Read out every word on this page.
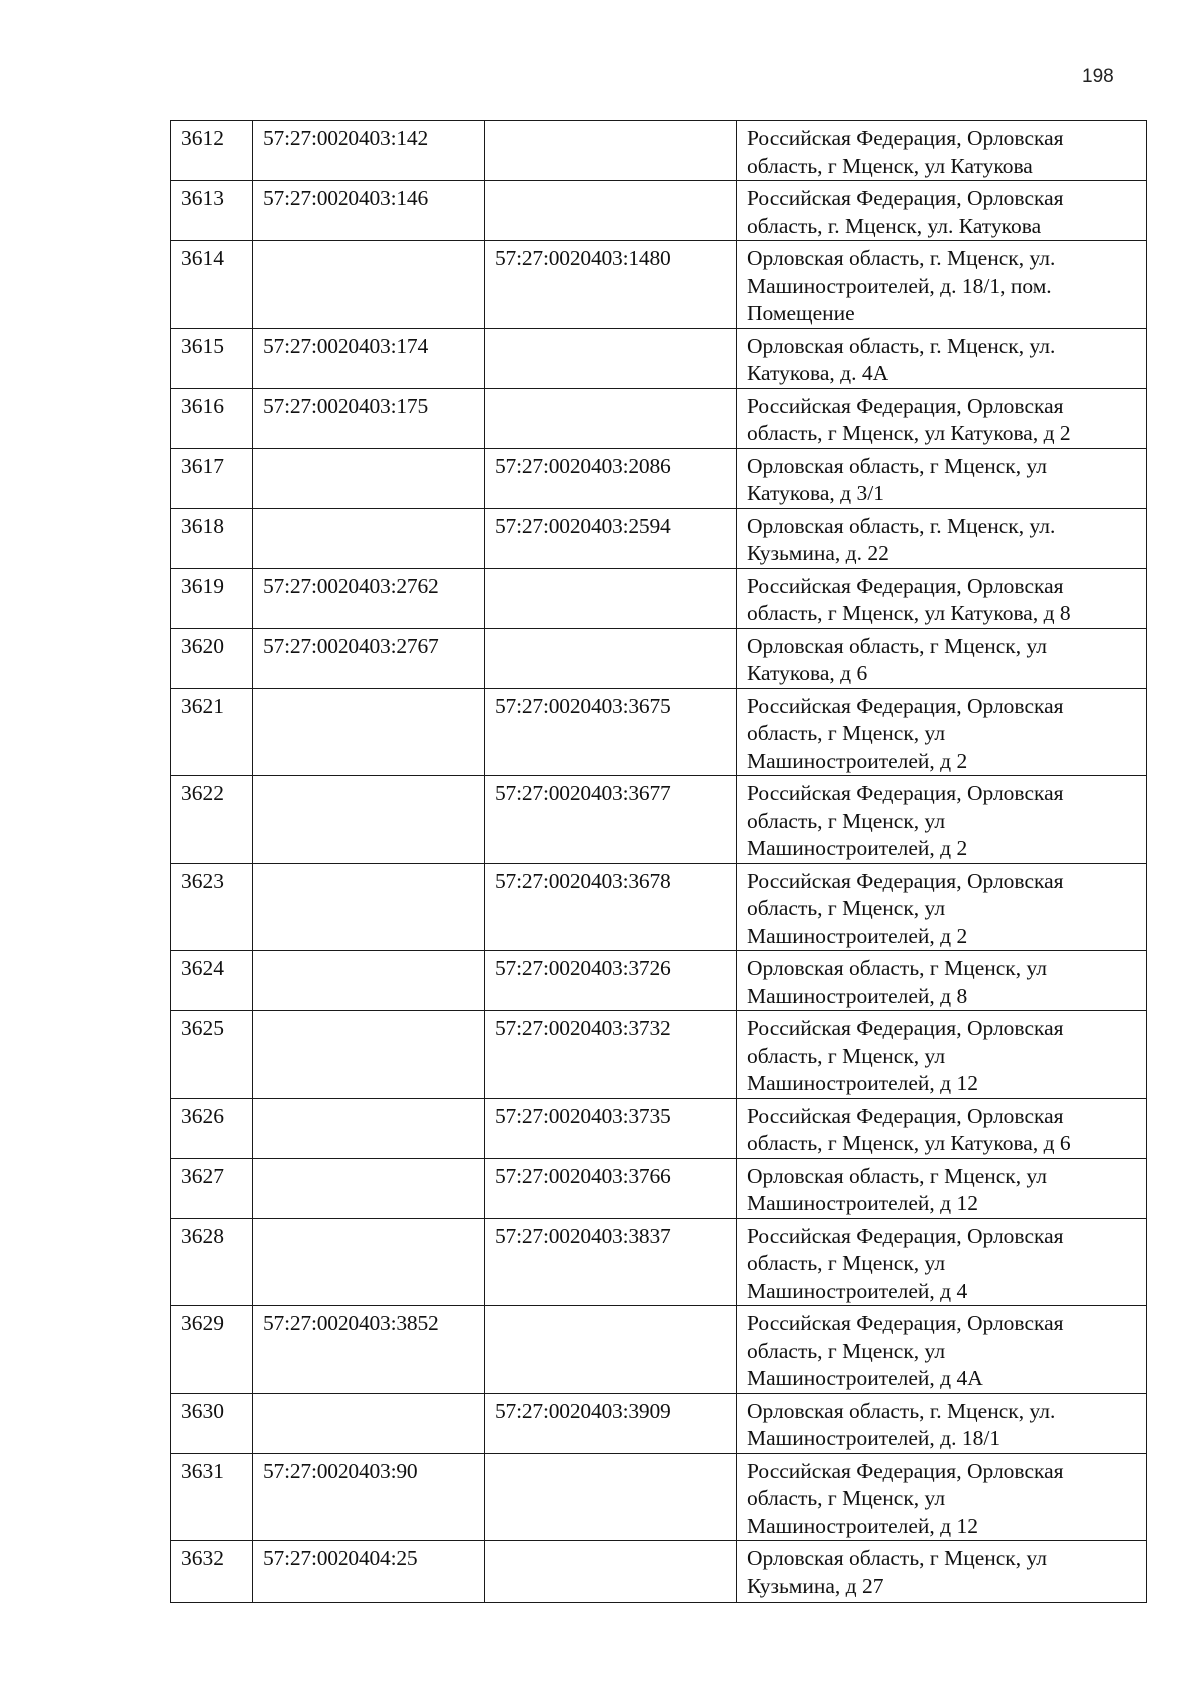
198
3612	57:27:0020403:142		Российская Федерация, Орловская область, г Мценск, ул Катукова
3613	57:27:0020403:146		Российская Федерация, Орловская область, г. Мценск, ул. Катукова
3614		57:27:0020403:1480	Орловская область, г. Мценск, ул. Машиностроителей, д. 18/1, пом. Помещение
3615	57:27:0020403:174		Орловская область, г. Мценск, ул. Катукова, д. 4А
3616	57:27:0020403:175		Российская Федерация, Орловская область, г Мценск, ул Катукова, д 2
3617		57:27:0020403:2086	Орловская область, г Мценск, ул Катукова, д 3/1
3618		57:27:0020403:2594	Орловская область, г. Мценск, ул. Кузьмина, д. 22
3619	57:27:0020403:2762		Российская Федерация, Орловская область, г Мценск, ул Катукова, д 8
3620	57:27:0020403:2767		Орловская область, г Мценск, ул Катукова, д 6
3621		57:27:0020403:3675	Российская Федерация, Орловская область, г Мценск, ул Машиностроителей, д 2
3622		57:27:0020403:3677	Российская Федерация, Орловская область, г Мценск, ул Машиностроителей, д 2
3623		57:27:0020403:3678	Российская Федерация, Орловская область, г Мценск, ул Машиностроителей, д 2
3624		57:27:0020403:3726	Орловская область, г Мценск, ул Машиностроителей, д 8
3625		57:27:0020403:3732	Российская Федерация, Орловская область, г Мценск, ул Машиностроителей, д 12
3626		57:27:0020403:3735	Российская Федерация, Орловская область, г Мценск, ул Катукова, д 6
3627		57:27:0020403:3766	Орловская область, г Мценск, ул Машиностроителей, д 12
3628		57:27:0020403:3837	Российская Федерация, Орловская область, г Мценск, ул Машиностроителей, д 4
3629	57:27:0020403:3852		Российская Федерация, Орловская область, г Мценск, ул Машиностроителей, д 4А
3630		57:27:0020403:3909	Орловская область, г. Мценск, ул. Машиностроителей, д. 18/1
3631	57:27:0020403:90		Российская Федерация, Орловская область, г Мценск, ул Машиностроителей, д 12
3632	57:27:0020404:25		Орловская область, г Мценск, ул Кузьмина, д 27
